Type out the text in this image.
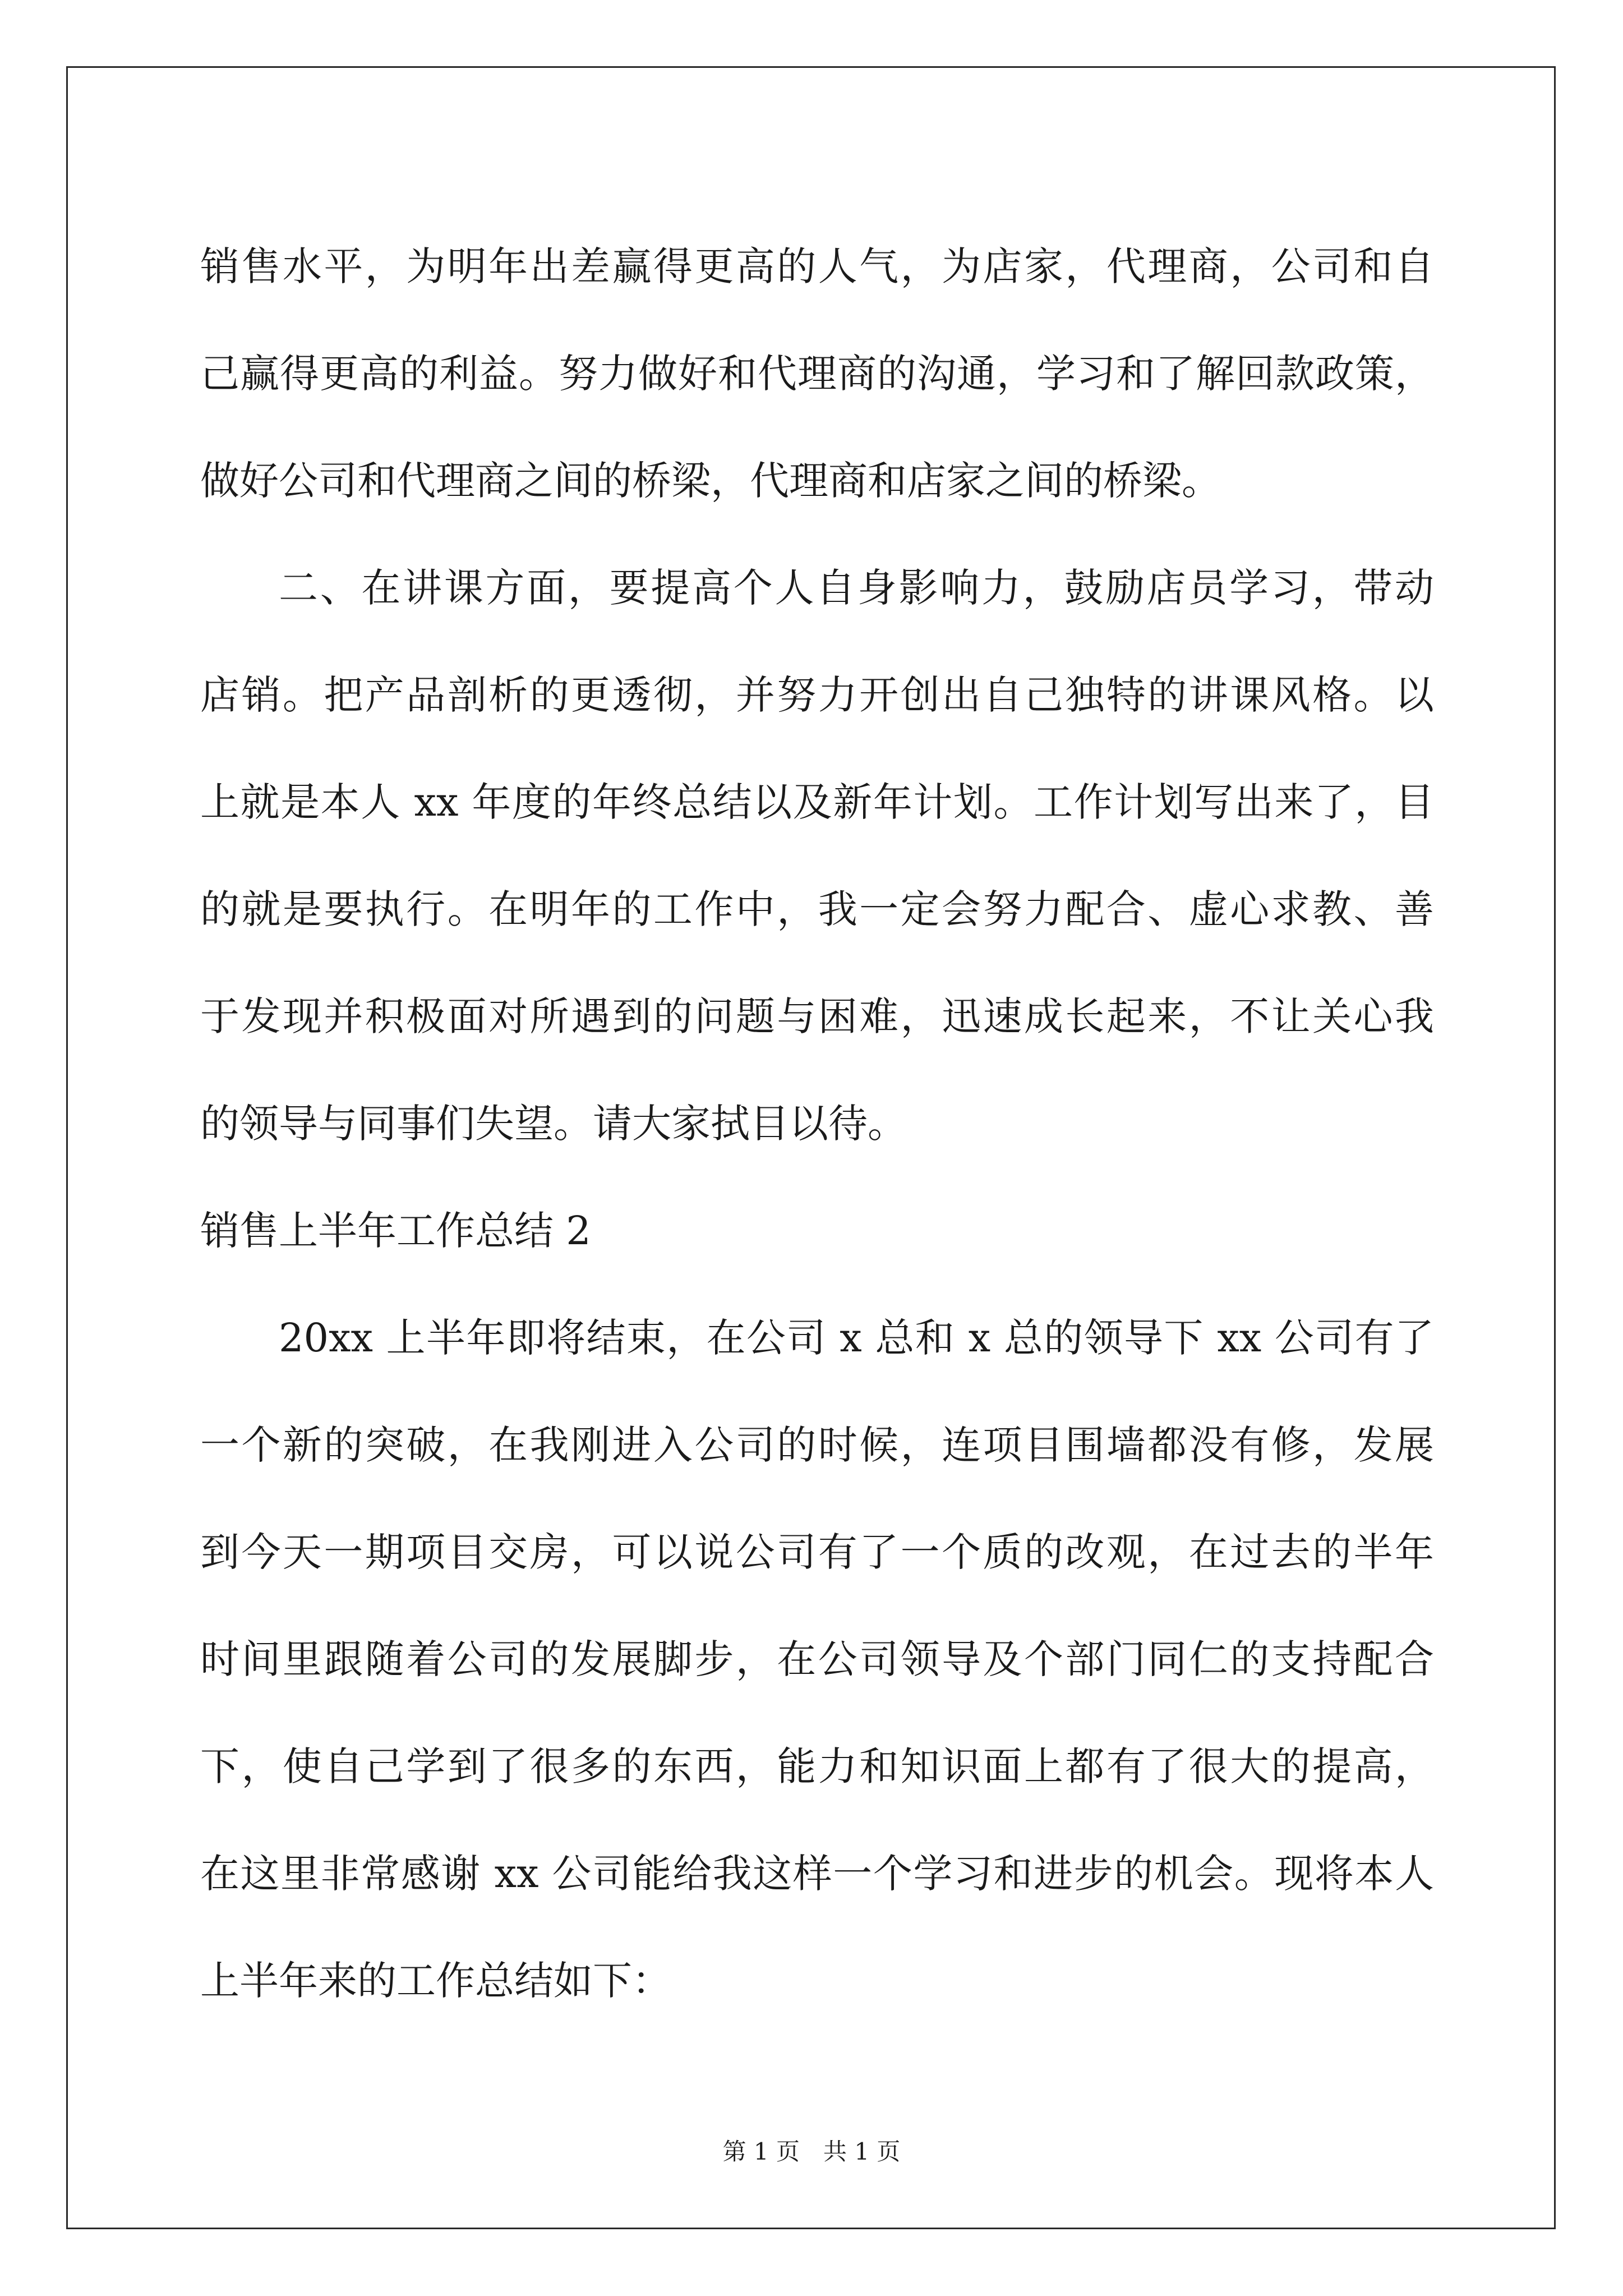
销售水平，为明年出差赢得更高的人气，为店家，代理商，公司和自
己赢得更高的利益。努力做好和代理商的沟通，学习和了解回款政策，
做好公司和代理商之间的桥梁，代理商和店家之间的桥梁。
二、在讲课方面，要提高个人自身影响力，鼓励店员学习，带动
店销。把产品剖析的更透彻，并努力开创出自己独特的讲课风格。以
上就是本人 xx 年度的年终总结以及新年计划。工作计划写出来了，目
的就是要执行。在明年的工作中，我一定会努力配合、虚心求教、善
于发现并积极面对所遇到的问题与困难，迅速成长起来，不让关心我
的领导与同事们失望。请大家拭目以待。
销售上半年工作总结 2
20xx 上半年即将结束，在公司 x 总和 x 总的领导下 xx 公司有了
一个新的突破，在我刚进入公司的时候，连项目围墙都没有修，发展
到今天一期项目交房，可以说公司有了一个质的改观，在过去的半年
时间里跟随着公司的发展脚步，在公司领导及个部门同仁的支持配合
下，使自己学到了很多的东西，能力和知识面上都有了很大的提高，
在这里非常感谢 xx 公司能给我这样一个学习和进步的机会。现将本人
上半年来的工作总结如下：
第 1 页　共 1 页
